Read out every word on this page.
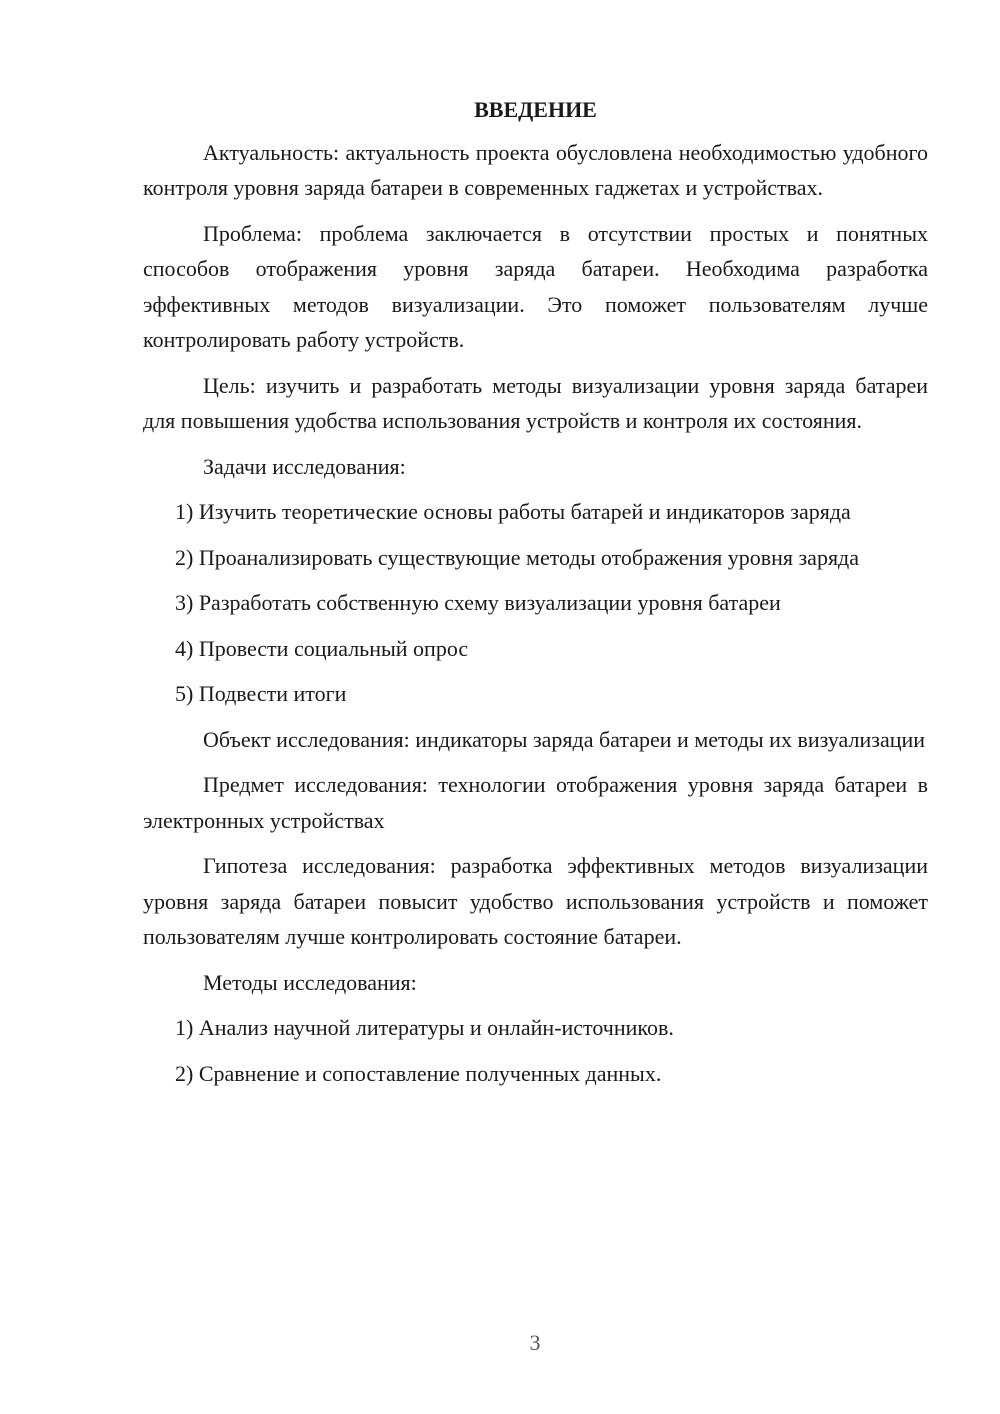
ВВЕДЕНИЕ

Актуальность: актуальность проекта обусловлена необходимостью удобного контроля уровня заряда батареи в современных гаджетах и устройствах.

Проблема: проблема заключается в отсутствии простых и понятных способов отображения уровня заряда батареи. Необходима разработка эффективных методов визуализации. Это поможет пользователям лучше контролировать работу устройств.

Цель: изучить и разработать методы визуализации уровня заряда батареи для повышения удобства использования устройств и контроля их состояния.

Задачи исследования:

1) Изучить теоретические основы работы батарей и индикаторов заряда

2) Проанализировать существующие методы отображения уровня заряда

3) Разработать собственную схему визуализации уровня батареи

4) Провести социальный опрос

5) Подвести итоги

Объект исследования: индикаторы заряда батареи и методы их визуализации

Предмет исследования: технологии отображения уровня заряда батареи в электронных устройствах

Гипотеза исследования: разработка эффективных методов визуализации уровня заряда батареи повысит удобство использования устройств и поможет пользователям лучше контролировать состояние батареи.

Методы исследования:

1) Анализ научной литературы и онлайн-источников.

2) Сравнение и сопоставление полученных данных.

3
